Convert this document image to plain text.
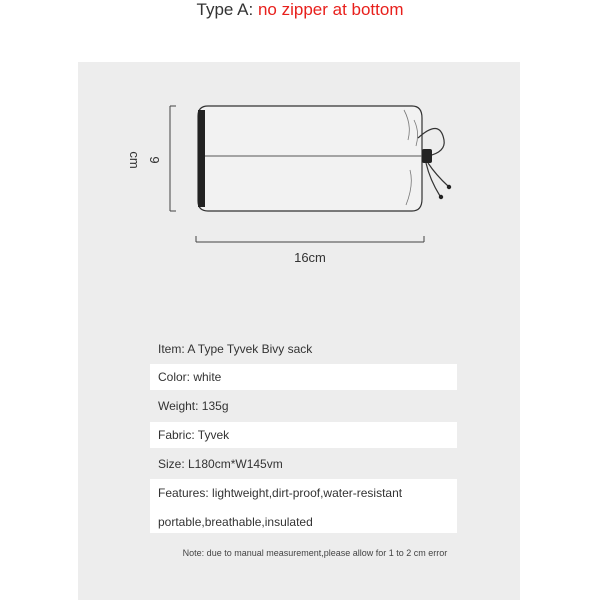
Type A: no zipper at bottom
9 cm
16cm
Item: A Type Tyvek Bivy sack
Color: white
Weight: 135g
Fabric: Tyvek
Size: L180cm*W145vm
Features: lightweight,dirt-proof,water-resistant
portable,breathable,insulated
Note: due to manual measurement,please allow for 1 to 2 cm error
